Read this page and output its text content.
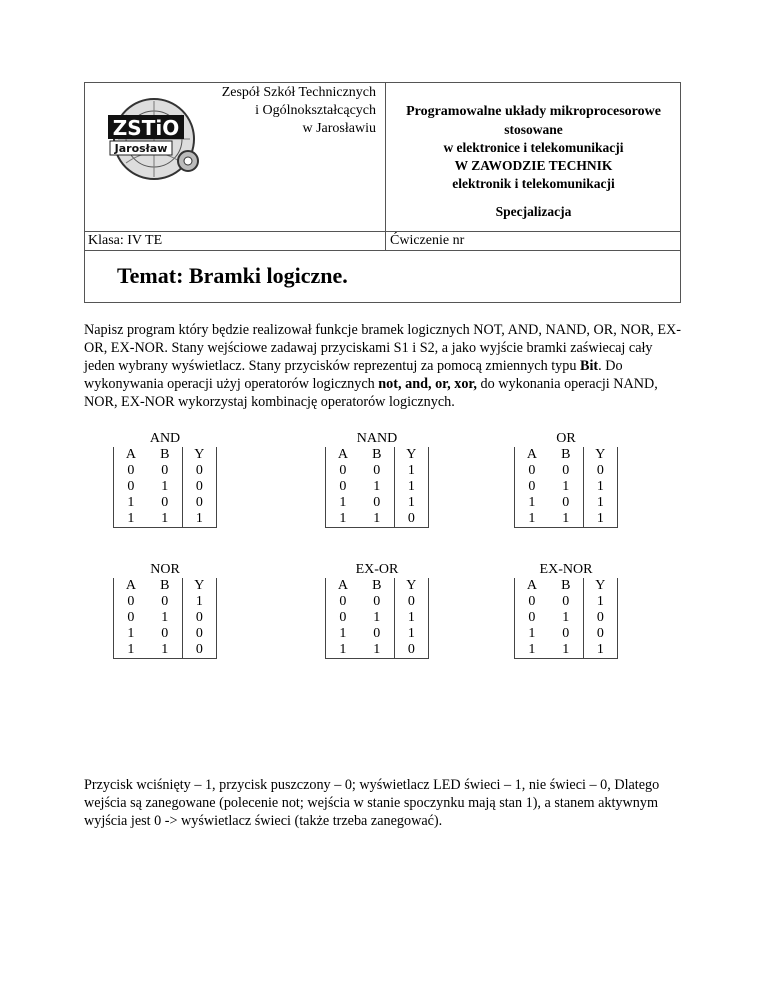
Zespół Szkół Technicznych
i Ogólnokształcących
w Jarosławiu
ZSTiO
Jarosław
Programowalne układy mikroprocesorowe
stosowane
w elektronice i telekomunikacji
W ZAWODZIE TECHNIK
elektronik i telekomunikacji
Specjalizacja
Klasa: IV TE	Ćwiczenie nr
Temat: Bramki logiczne.
Napisz program który będzie realizował funkcje bramek logicznych NOT, AND, NAND, OR, NOR, EX-OR, EX-NOR. Stany wejściowe zadawaj przyciskami S1 i S2, a jako wyjście bramki zaświecaj cały jeden wybrany wyświetlacz. Stany przycisków reprezentuj za pomocą zmiennych typu Bit. Do wykonywania operacji użyj operatorów logicznych not, and, or, xor, do wykonania operacji NAND, NOR, EX-NOR wykorzystaj kombinację operatorów logicznych.
AND
A	B	Y
0	0	0
0	1	0
1	0	0
1	1	1
NAND
A	B	Y
0	0	1
0	1	1
1	0	1
1	1	0
OR
A	B	Y
0	0	0
0	1	1
1	0	1
1	1	1
NOR
A	B	Y
0	0	1
0	1	0
1	0	0
1	1	0
EX-OR
A	B	Y
0	0	0
0	1	1
1	0	1
1	1	0
EX-NOR
A	B	Y
0	0	1
0	1	0
1	0	0
1	1	1
Przycisk wciśnięty – 1, przycisk puszczony – 0; wyświetlacz LED świeci – 1, nie świeci – 0, Dlatego wejścia są zanegowane (polecenie not; wejścia w stanie spoczynku mają stan 1), a stanem aktywnym wyjścia jest 0 -> wyświetlacz świeci (także trzeba zanegować).
